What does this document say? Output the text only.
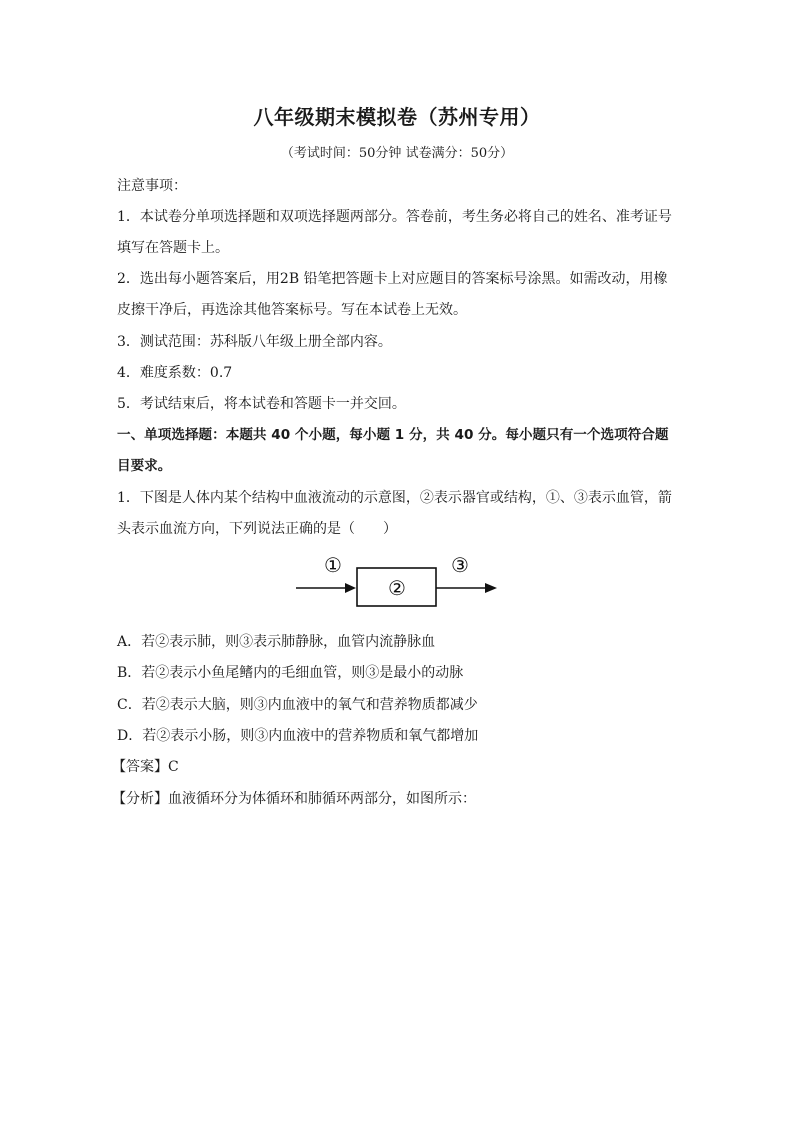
八年级期末模拟卷（苏州专用）
（考试时间：50分钟 试卷满分：50分）
注意事项：
1．本试卷分单项选择题和双项选择题两部分。答卷前，考生务必将自己的姓名、准考证号
填写在答题卡上。
2．选出每小题答案后，用2B 铅笔把答题卡上对应题目的答案标号涂黑。如需改动，用橡
皮擦干净后，再选涂其他答案标号。写在本试卷上无效。
3．测试范围：苏科版八年级上册全部内容。
4．难度系数：0.7
5．考试结束后，将本试卷和答题卡一并交回。
一、单项选择题：本题共 40 个小题，每小题 1 分，共 40 分。每小题只有一个选项符合题
目要求。
1．下图是人体内某个结构中血液流动的示意图，②表示器官或结构，①、③表示血管，箭
头表示血流方向，下列说法正确的是（　　）
①
②
③
A．若②表示肺，则③表示肺静脉，血管内流静脉血
B．若②表示小鱼尾鳍内的毛细血管，则③是最小的动脉
C．若②表示大脑，则③内血液中的氧气和营养物质都减少
D．若②表示小肠，则③内血液中的营养物质和氧气都增加
【答案】C
【分析】血液循环分为体循环和肺循环两部分，如图所示：
